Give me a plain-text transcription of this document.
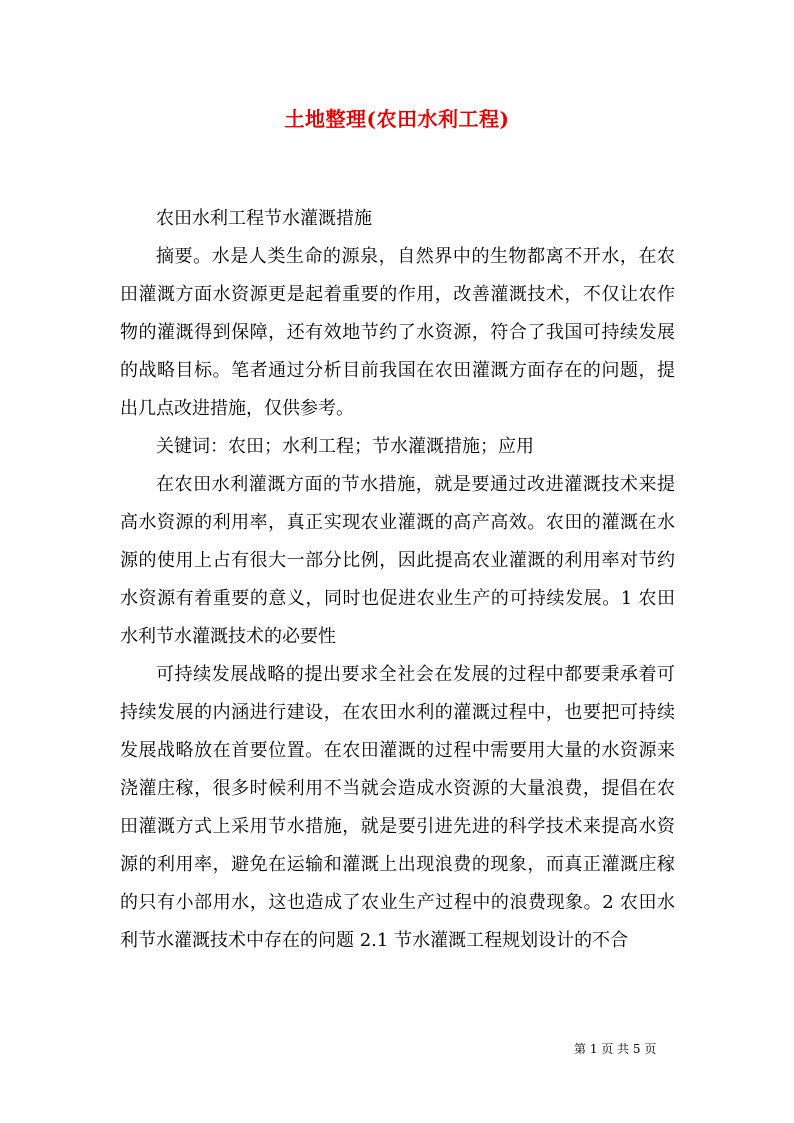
土地整理(农田水利工程)

农田水利工程节水灌溉措施

摘要。水是人类生命的源泉，自然界中的生物都离不开水，在农田灌溉方面水资源更是起着重要的作用，改善灌溉技术，不仅让农作物的灌溉得到保障，还有效地节约了水资源，符合了我国可持续发展的战略目标。笔者通过分析目前我国在农田灌溉方面存在的问题，提出几点改进措施，仅供参考。

关键词：农田；水利工程；节水灌溉措施；应用

在农田水利灌溉方面的节水措施，就是要通过改进灌溉技术来提高水资源的利用率，真正实现农业灌溉的高产高效。农田的灌溉在水源的使用上占有很大一部分比例，因此提高农业灌溉的利用率对节约水资源有着重要的意义，同时也促进农业生产的可持续发展。1 农田水利节水灌溉技术的必要性

可持续发展战略的提出要求全社会在发展的过程中都要秉承着可持续发展的内涵进行建设，在农田水利的灌溉过程中，也要把可持续发展战略放在首要位置。在农田灌溉的过程中需要用大量的水资源来浇灌庄稼，很多时候利用不当就会造成水资源的大量浪费，提倡在农田灌溉方式上采用节水措施，就是要引进先进的科学技术来提高水资源的利用率，避免在运输和灌溉上出现浪费的现象，而真正灌溉庄稼的只有小部用水，这也造成了农业生产过程中的浪费现象。2 农田水利节水灌溉技术中存在的问题 2.1 节水灌溉工程规划设计的不合

第 1 页 共 5 页
